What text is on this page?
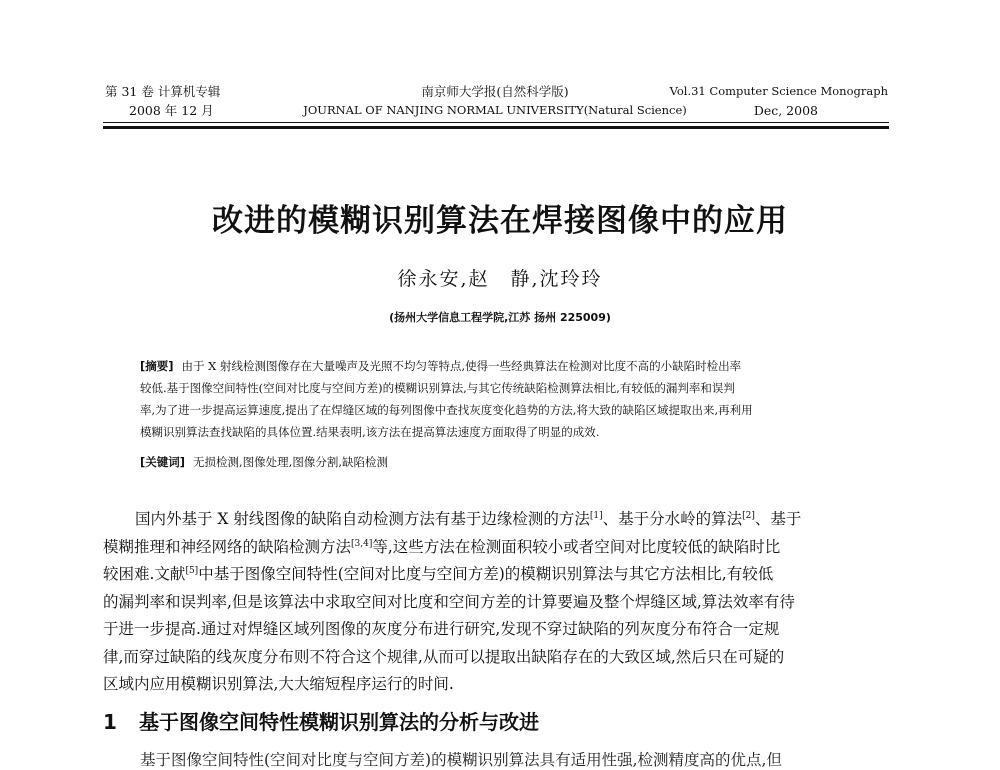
第 31 卷 计算机专辑
2008 年 12 月
南京师大学报(自然科学版)
JOURNAL OF NANJING NORMAL UNIVERSITY(Natural Science)
Vol.31 Computer Science Monograph
Dec, 2008
改进的模糊识别算法在焊接图像中的应用
徐永安,赵　静,沈玲玲
(扬州大学信息工程学院,江苏 扬州 225009)
[摘要] 由于 X 射线检测图像存在大量噪声及光照不均匀等特点,使得一些经典算法在检测对比度不高的小缺陷时检出率
较低.基于图像空间特性(空间对比度与空间方差)的模糊识别算法,与其它传统缺陷检测算法相比,有较低的漏判率和误判
率,为了进一步提高运算速度,提出了在焊缝区域的每列图像中查找灰度变化趋势的方法,将大致的缺陷区域提取出来,再利用
模糊识别算法查找缺陷的具体位置.结果表明,该方法在提高算法速度方面取得了明显的成效.
[关键词] 无损检测,图像处理,图像分割,缺陷检测
国内外基于 X 射线图像的缺陷自动检测方法有基于边缘检测的方法[1]、基于分水岭的算法[2]、基于
模糊推理和神经网络的缺陷检测方法[3,4]等,这些方法在检测面积较小或者空间对比度较低的缺陷时比
较困难.文献[5]中基于图像空间特性(空间对比度与空间方差)的模糊识别算法与其它方法相比,有较低
的漏判率和误判率,但是该算法中求取空间对比度和空间方差的计算要遍及整个焊缝区域,算法效率有待
于进一步提高.通过对焊缝区域列图像的灰度分布进行研究,发现不穿过缺陷的列灰度分布符合一定规
律,而穿过缺陷的线灰度分布则不符合这个规律,从而可以提取出缺陷存在的大致区域,然后只在可疑的
区域内应用模糊识别算法,大大缩短程序运行的时间.
1 基于图像空间特性模糊识别算法的分析与改进
基于图像空间特性(空间对比度与空间方差)的模糊识别算法具有适用性强,检测精度高的优点,但
